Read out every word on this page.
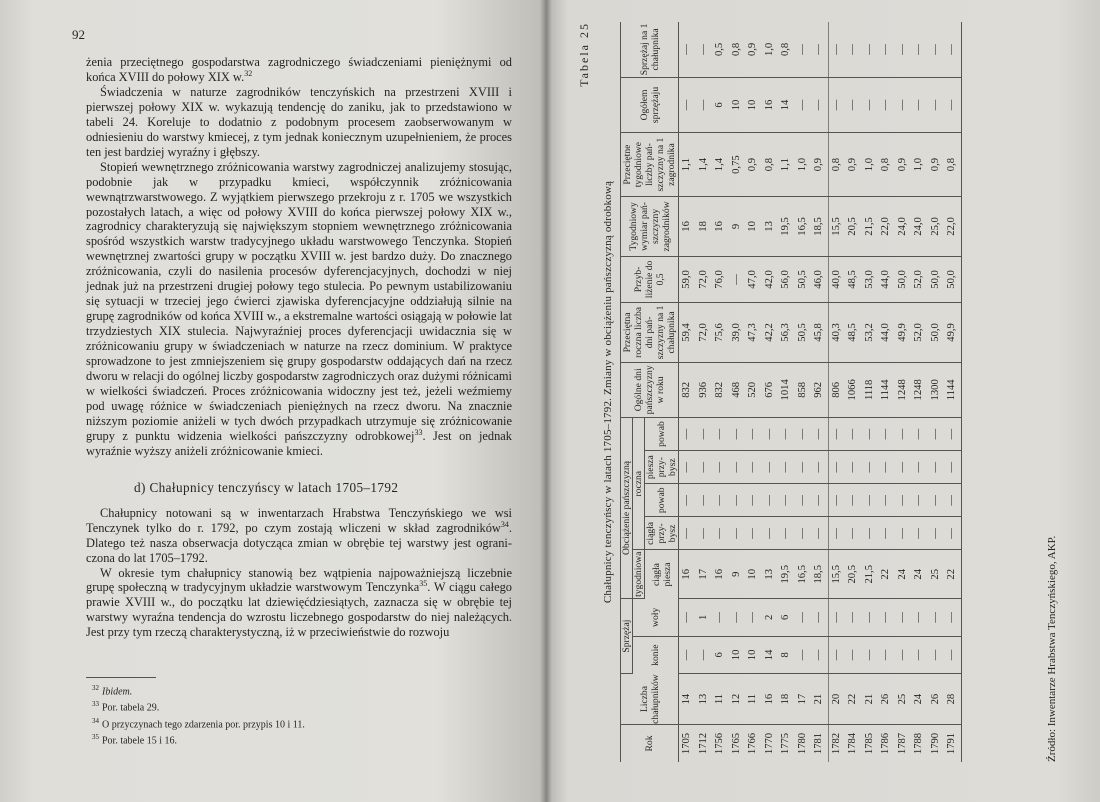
92

żenia przeciętnego gospodarstwa zagrodniczego świadczeniami pieniężnymi od końca XVIII do połowy XIX w.$^{32}$

Świadczenia w naturze zagrodników tenczyńskich na przestrzeni XVIII i pierwszej połowy XIX w. wykazują tendencję do zaniku, jak to przedstawiono w tabeli 24. Koreluje to dodatnio z podobnym procesem zaobserwowanym w odniesieniu do warstwy kmiecej, z tym jednak koniecznym uzupełnieniem, że proces ten jest bardziej wyraźny i głębszy.

Stopień wewnętrznego zróżnicowania warstwy zagrodniczej analizujemy stosując, podobnie jak w przypadku kmieci, współczynnik zróżnicowania wewnątrzwarstwowego. Z wyjątkiem pierwszego przekroju z r. 1705 we wszystkich pozostałych latach, a więc od połowy XVIII do końca pierwszej połowy XIX w., zagrodnicy charakteryzują się największym stopniem wewnętrznego zróżnicowania spośród wszystkich warstw tradycyjnego układu warstwowego Tenczynka. Stopień wewnętrznej zwartości grupy w początku XVIII w. jest bardzo duży. Do znacznego zróżnicowania, czyli do nasilenia procesów dyferencjacyjnych, dochodzi w niej jednak już na przestrzeni drugiej połowy tego stulecia. Po pewnym ustabilizowaniu się sytuacji w trzeciej jego ćwierci zjawiska dyferencjacyjne oddziałują silnie na grupę zagrodników od końca XVIII w., a ekstremalne wartości osiągają w połowie lat trzydziestych XIX stulecia. Najwyraźniej proces dyferencjacji uwidacznia się w zróżnicowaniu grupy w świadczeniach w naturze na rzecz dominium. W praktyce sprowadzone to jest zmniejszeniem się grupy gospodarstw oddających dań na rzecz dworu w relacji do ogólnej liczby gospodarstw zagrodniczych oraz dużymi różnicami w wielkości świadczeń. Proces zróżnicowania widoczny jest też, jeżeli weźmiemy pod uwagę różnice w świadczeniach pieniężnych na rzecz dworu. Na znacznie niższym poziomie aniżeli w tych dwóch przypadkach utrzymuje się zróżnicowanie grupy z punktu widzenia wielkości pańszczyzny odrobkowej$^{33}$. Jest on jednak wyraźnie wyższy aniżeli zróżnicowanie kmieci.

d) Chałupnicy tenczyńscy w latach 1705–1792

Chałupnicy notowani są w inwentarzach Hrabstwa Tenczyńskiego we wsi Tenczynek tylko do r. 1792, po czym zostają wliczeni w skład zagrodników$^{34}$. Dlatego też nasza obserwacja dotycząca zmian w obrębie tej warstwy jest ograniczona do lat 1705–1792.

W okresie tym chałupnicy stanowią bez wątpienia najpoważniejszą liczebnie grupę społeczną w tradycyjnym układzie warstwowym Tenczynka$^{35}$. W ciągu całego prawie XVIII w., do początku lat dziewięćdziesiątych, zaznacza się w obrębie tej warstwy wyraźna tendencja do wzrostu liczebnego gospodarstw do niej należących. Jest przy tym rzeczą charakterystyczną, iż w przeciwieństwie do rozwoju

$^{32}$ Ibidem.
$^{33}$ Por. tabela 29.
$^{34}$ O przyczynach tego zdarzenia por. przypis 10 i 11.
$^{35}$ Por. tabele 15 i 16.
Chałupnicy tenczyńscy w latach 1705–1792. Zmiany w obciążeniu pańszczyzną odrobkową
Tabela 25
Rok	Liczba chałupników	Sprzężaj		Obciążenie pańszczyzną					Ogólne dni pańszczyzny w roku	Przeciętna roczna liczba dni pańszczyzny na 1 chałupnika	Przybliżenie do 0,5	Tygodniowy wymiar pańszczyzny zagrodników	Przeciętne tygodniowe liczby pańszczyzny na 1 zagrodnika	Ogółem sprzężaju	Sprzężaj na 1 chałupnika
		konie	woły	tygodniowa	roczna										
				ciągła piesza	ciągła
przybysz	powab	piesza
przybysz	powab							
1705	14	—	—	16	—	—	—	—	832	59,4	59,0	16	1,1	—	—
1712	13	—	1	17	—	—	—	—	936	72,0	72,0	18	1,4	—	—
1756	11	6	—	16	—	—	—	—	832	75,6	76,0	16	1,4	6	0,5
1765	12	10	—	9	—	—	—	—	468	39,0	—	9	0,75	10	0,8
1766	11	10	—	10	—	—	—	—	520	47,3	47,0	10	0,9	10	0,9
1770	16	14	2	13	—	—	—	—	676	42,2	42,0	13	0,8	16	1,0
1775	18	8	6	19,5	—	—	—	—	1014	56,3	56,0	19,5	1,1	14	0,8
1780	17	—	—	16,5	—	—	—	—	858	50,5	50,5	16,5	1,0	—	—
1781	21	—	—	18,5	—	—	—	—	962	45,8	46,0	18,5	0,9	—	—
1782	20	—	—	15,5	—	—	—	—	806	40,3	40,0	15,5	0,8	—	—
1784	22	—	—	20,5	—	—	—	—	1066	48,5	48,5	20,5	0,9	—	—
1785	21	—	—	21,5	—	—	—	—	1118	53,2	53,0	21,5	1,0	—	—
1786	26	—	—	22	—	—	—	—	1144	44,0	44,0	22,0	0,8	—	—
1787	25	—	—	24	—	—	—	—	1248	49,9	50,0	24,0	0,9	—	—
1788	24	—	—	24	—	—	—	—	1248	52,0	52,0	24,0	1,0	—	—
1790	26	—	—	25	—	—	—	—	1300	50,0	50,0	25,0	0,9	—	—
1791	28	—	—	22	—	—	—	—	1144	49,9	50,0	22,0	0,8	—	—
Źródło: Inwentarze Hrabstwa Tenczyńskiego, AKP.
